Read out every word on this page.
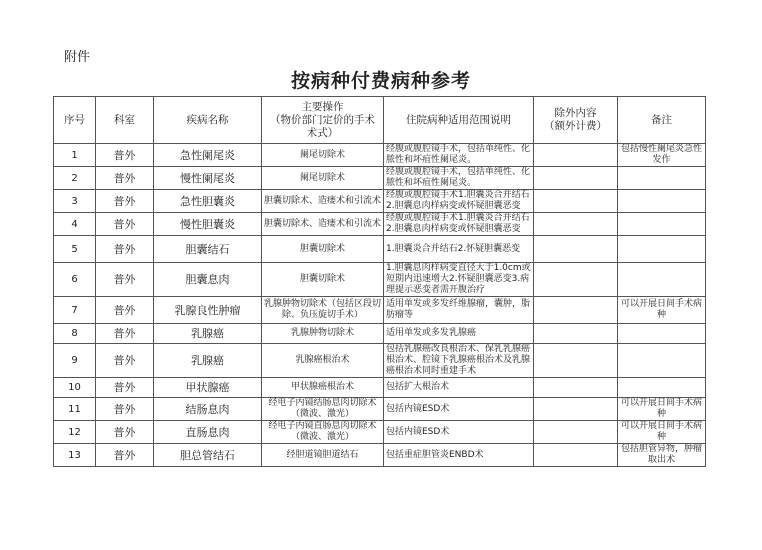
附件
按病种付费病种参考
序号	科室	疾病名称	主要操作
（物价部门定价的手术
术式）	住院病种适用范围说明	除外内容
（额外计费）	备注
1	普外	急性阑尾炎	阑尾切除术	经腹或腹腔镜手术，包括单纯性、化脓性和坏疽性阑尾炎。		包括慢性阑尾炎急性发作
2	普外	慢性阑尾炎	阑尾切除术	经腹或腹腔镜手术，包括单纯性、化脓性和坏疽性阑尾炎。		
3	普外	急性胆囊炎	胆囊切除术、造瘘术和引流术	经腹或腹腔镜手术1.胆囊炎合并结石
2.胆囊息肉样病变或怀疑胆囊恶变		
4	普外	慢性胆囊炎	胆囊切除术、造瘘术和引流术	经腹或腹腔镜手术1.胆囊炎合并结石
2.胆囊息肉样病变或怀疑胆囊恶变		
5	普外	胆囊结石	胆囊切除术	1.胆囊炎合并结石2.怀疑胆囊恶变		
6	普外	胆囊息肉	胆囊切除术	1.胆囊息肉样病变直径大于1.0cm或短期内迅速增大2.怀疑胆囊恶变3.病理提示恶变者需开腹治疗		
7	普外	乳腺良性肿瘤	乳腺肿物切除术（包括区段切除、负压旋切手术）	适用单发或多发纤维腺瘤，囊肿，脂肪瘤等		可以开展日间手术病种
8	普外	乳腺癌	乳腺肿物切除术	适用单发或多发乳腺癌		
9	普外	乳腺癌	乳腺癌根治术	包括乳腺癌改良根治术、保乳乳腺癌根治术、腔镜下乳腺癌根治术及乳腺癌根治术同时重建手术		
10	普外	甲状腺癌	甲状腺癌根治术	包括扩大根治术		
11	普外	结肠息肉	经电子内镜结肠息肉切除术（微波、激光）	包括内镜ESD术		可以开展日间手术病种
12	普外	直肠息肉	经电子内镜直肠息肉切除术（微波、激光）	包括内镜ESD术		可以开展日间手术病种
13	普外	胆总管结石	经胆道镜胆道结石	包括重症胆管炎ENBD术		包括胆管异物，肿瘤取出术
